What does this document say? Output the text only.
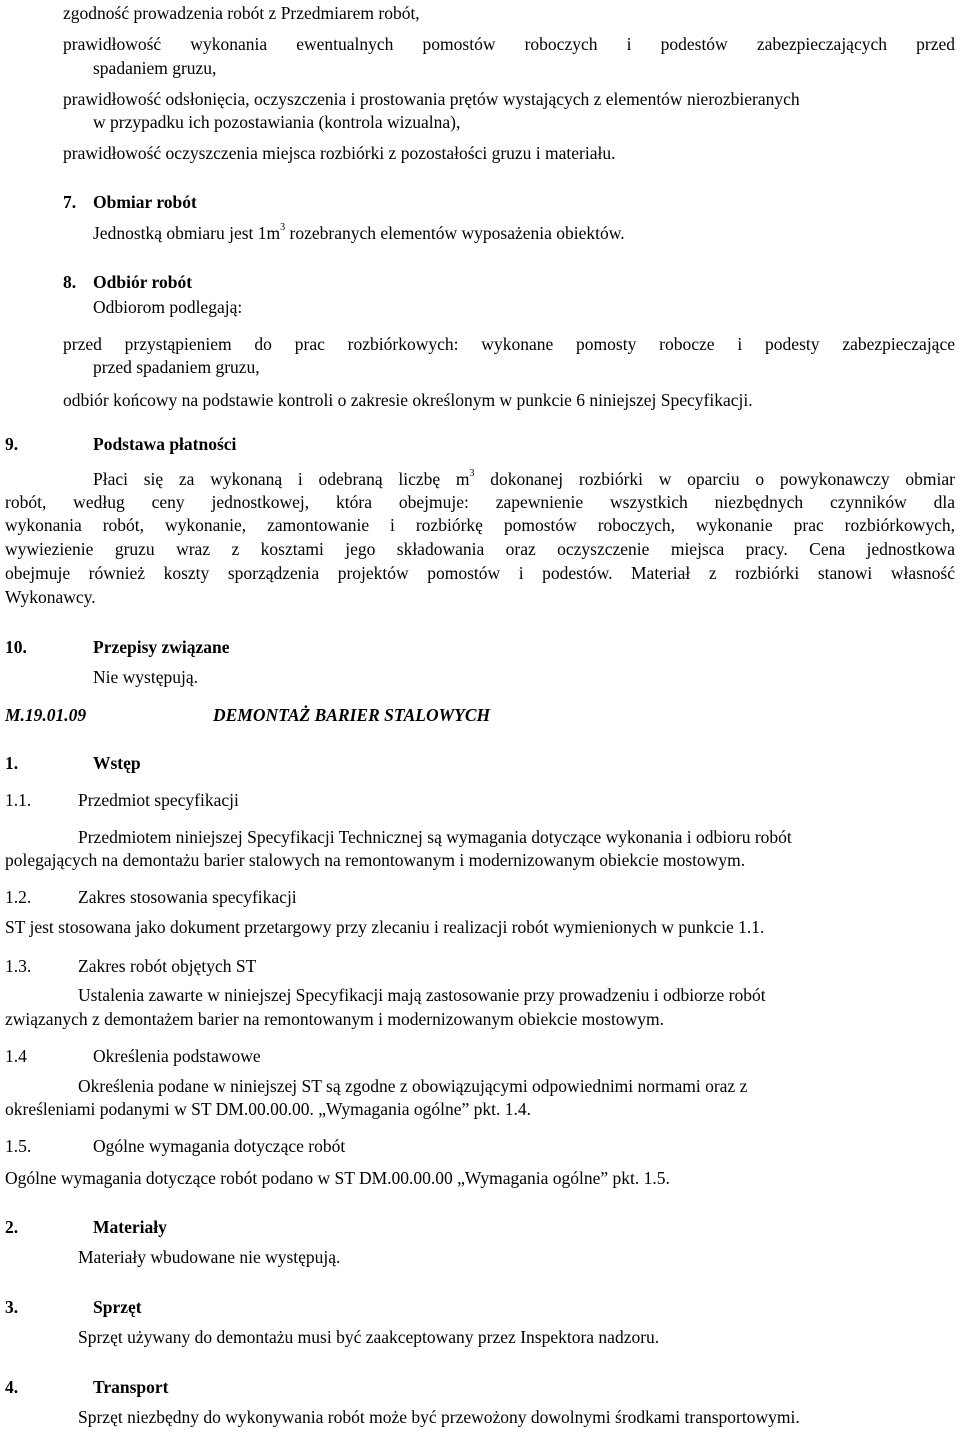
zgodność prowadzenia robót z Przedmiarem robót,
prawidłowość wykonania ewentualnych pomostów roboczych i podestów zabezpieczających przed
spadaniem gruzu,
prawidłowość odsłonięcia, oczyszczenia i prostowania prętów wystających z elementów nierozbieranych
w przypadku ich pozostawiania (kontrola wizualna),
prawidłowość oczyszczenia miejsca rozbiórki z pozostałości gruzu i materiału.
7. Obmiar robót
Jednostką obmiaru jest $1m^3$ rozebranych elementów wyposażenia obiektów.
8. Odbiór robót
Odbiorom podlegają:
przed przystąpieniem do prac rozbiórkowych: wykonane pomosty robocze i podesty zabezpieczające
przed spadaniem gruzu,
odbiór końcowy na podstawie kontroli o zakresie określonym w punkcie 6 niniejszej Specyfikacji.
9.	Podstawa płatności
Płaci się za wykonaną i odebraną liczbę $m^3$ dokonanej rozbiórki w oparciu o powykonawczy obmiar
robót, według ceny jednostkowej, która obejmuje: zapewnienie wszystkich niezbędnych czynników dla
wykonania robót, wykonanie, zamontowanie i rozbiórkę pomostów roboczych, wykonanie prac rozbiórkowych,
wywiezienie gruzu wraz z kosztami jego składowania oraz oczyszczenie miejsca pracy. Cena jednostkowa
obejmuje również koszty sporządzenia projektów pomostów i podestów. Materiał z rozbiórki stanowi własność
Wykonawcy.
10.	Przepisy związane
Nie występują.
M.19.01.09	DEMONTAŻ BARIER STALOWYCH
1.	Wstęp
1.1.	Przedmiot specyfikacji
Przedmiotem niniejszej Specyfikacji Technicznej są wymagania dotyczące wykonania i odbioru robót
polegających na demontażu barier stalowych na remontowanym i modernizowanym obiekcie mostowym.
1.2.	Zakres stosowania specyfikacji
ST jest stosowana jako dokument przetargowy przy zlecaniu i realizacji robót wymienionych w punkcie 1.1.
1.3.	Zakres robót objętych ST
Ustalenia zawarte w niniejszej Specyfikacji mają zastosowanie przy prowadzeniu i odbiorze robót
związanych z demontażem barier na remontowanym i modernizowanym obiekcie mostowym.
1.4	Określenia podstawowe
Określenia podane w niniejszej ST są zgodne z obowiązującymi odpowiednimi normami oraz z
określeniami podanymi w ST DM.00.00.00. „Wymagania ogólne” pkt. 1.4.
1.5.	Ogólne wymagania dotyczące robót
Ogólne wymagania dotyczące robót podano w ST DM.00.00.00 „Wymagania ogólne” pkt. 1.5.
2.	Materiały
Materiały wbudowane nie występują.
3.	Sprzęt
Sprzęt używany do demontażu musi być zaakceptowany przez Inspektora nadzoru.
4.	Transport
Sprzęt niezbędny do wykonywania robót może być przewożony dowolnymi środkami transportowymi.
